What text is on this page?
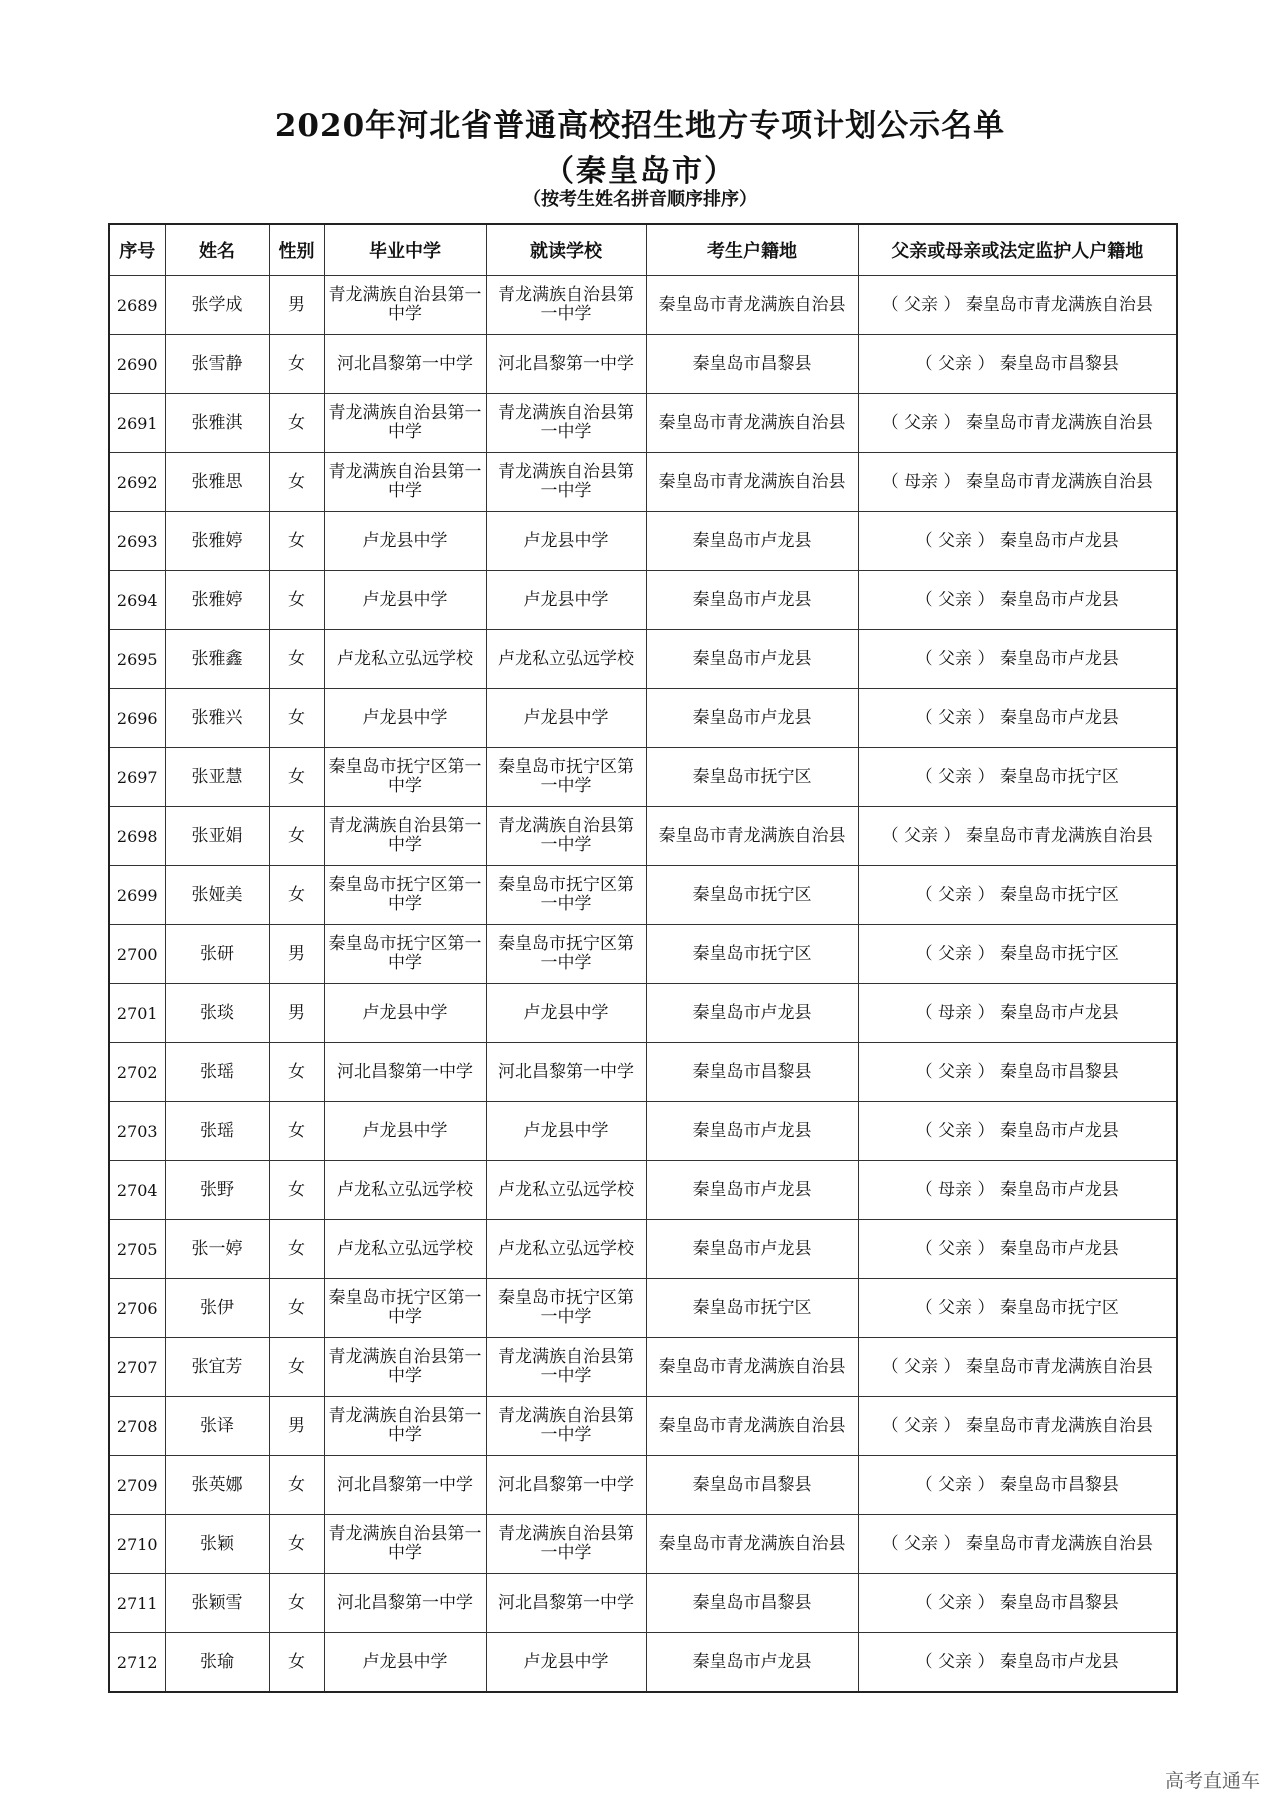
2020年河北省普通高校招生地方专项计划公示名单
（秦皇岛市）
（按考生姓名拼音顺序排序）
序号	姓名	性别	毕业中学	就读学校	考生户籍地	父亲或母亲或法定监护人户籍地
2689	张学成	男	青龙满族自治县第一中学	青龙满族自治县第一中学	秦皇岛市青龙满族自治县	（ 父亲 ） 秦皇岛市青龙满族自治县
2690	张雪静	女	河北昌黎第一中学	河北昌黎第一中学	秦皇岛市昌黎县	（ 父亲 ） 秦皇岛市昌黎县
2691	张雅淇	女	青龙满族自治县第一中学	青龙满族自治县第一中学	秦皇岛市青龙满族自治县	（ 父亲 ） 秦皇岛市青龙满族自治县
2692	张雅思	女	青龙满族自治县第一中学	青龙满族自治县第一中学	秦皇岛市青龙满族自治县	（ 母亲 ） 秦皇岛市青龙满族自治县
2693	张雅婷	女	卢龙县中学	卢龙县中学	秦皇岛市卢龙县	（ 父亲 ） 秦皇岛市卢龙县
2694	张雅婷	女	卢龙县中学	卢龙县中学	秦皇岛市卢龙县	（ 父亲 ） 秦皇岛市卢龙县
2695	张雅鑫	女	卢龙私立弘远学校	卢龙私立弘远学校	秦皇岛市卢龙县	（ 父亲 ） 秦皇岛市卢龙县
2696	张雅兴	女	卢龙县中学	卢龙县中学	秦皇岛市卢龙县	（ 父亲 ） 秦皇岛市卢龙县
2697	张亚慧	女	秦皇岛市抚宁区第一中学	秦皇岛市抚宁区第一中学	秦皇岛市抚宁区	（ 父亲 ） 秦皇岛市抚宁区
2698	张亚娟	女	青龙满族自治县第一中学	青龙满族自治县第一中学	秦皇岛市青龙满族自治县	（ 父亲 ） 秦皇岛市青龙满族自治县
2699	张娅美	女	秦皇岛市抚宁区第一中学	秦皇岛市抚宁区第一中学	秦皇岛市抚宁区	（ 父亲 ） 秦皇岛市抚宁区
2700	张研	男	秦皇岛市抚宁区第一中学	秦皇岛市抚宁区第一中学	秦皇岛市抚宁区	（ 父亲 ） 秦皇岛市抚宁区
2701	张琰	男	卢龙县中学	卢龙县中学	秦皇岛市卢龙县	（ 母亲 ） 秦皇岛市卢龙县
2702	张瑶	女	河北昌黎第一中学	河北昌黎第一中学	秦皇岛市昌黎县	（ 父亲 ） 秦皇岛市昌黎县
2703	张瑶	女	卢龙县中学	卢龙县中学	秦皇岛市卢龙县	（ 父亲 ） 秦皇岛市卢龙县
2704	张野	女	卢龙私立弘远学校	卢龙私立弘远学校	秦皇岛市卢龙县	（ 母亲 ） 秦皇岛市卢龙县
2705	张一婷	女	卢龙私立弘远学校	卢龙私立弘远学校	秦皇岛市卢龙县	（ 父亲 ） 秦皇岛市卢龙县
2706	张伊	女	秦皇岛市抚宁区第一中学	秦皇岛市抚宁区第一中学	秦皇岛市抚宁区	（ 父亲 ） 秦皇岛市抚宁区
2707	张宜芳	女	青龙满族自治县第一中学	青龙满族自治县第一中学	秦皇岛市青龙满族自治县	（ 父亲 ） 秦皇岛市青龙满族自治县
2708	张译	男	青龙满族自治县第一中学	青龙满族自治县第一中学	秦皇岛市青龙满族自治县	（ 父亲 ） 秦皇岛市青龙满族自治县
2709	张英娜	女	河北昌黎第一中学	河北昌黎第一中学	秦皇岛市昌黎县	（ 父亲 ） 秦皇岛市昌黎县
2710	张颖	女	青龙满族自治县第一中学	青龙满族自治县第一中学	秦皇岛市青龙满族自治县	（ 父亲 ） 秦皇岛市青龙满族自治县
2711	张颖雪	女	河北昌黎第一中学	河北昌黎第一中学	秦皇岛市昌黎县	（ 父亲 ） 秦皇岛市昌黎县
2712	张瑜	女	卢龙县中学	卢龙县中学	秦皇岛市卢龙县	（ 父亲 ） 秦皇岛市卢龙县
高考直通车
